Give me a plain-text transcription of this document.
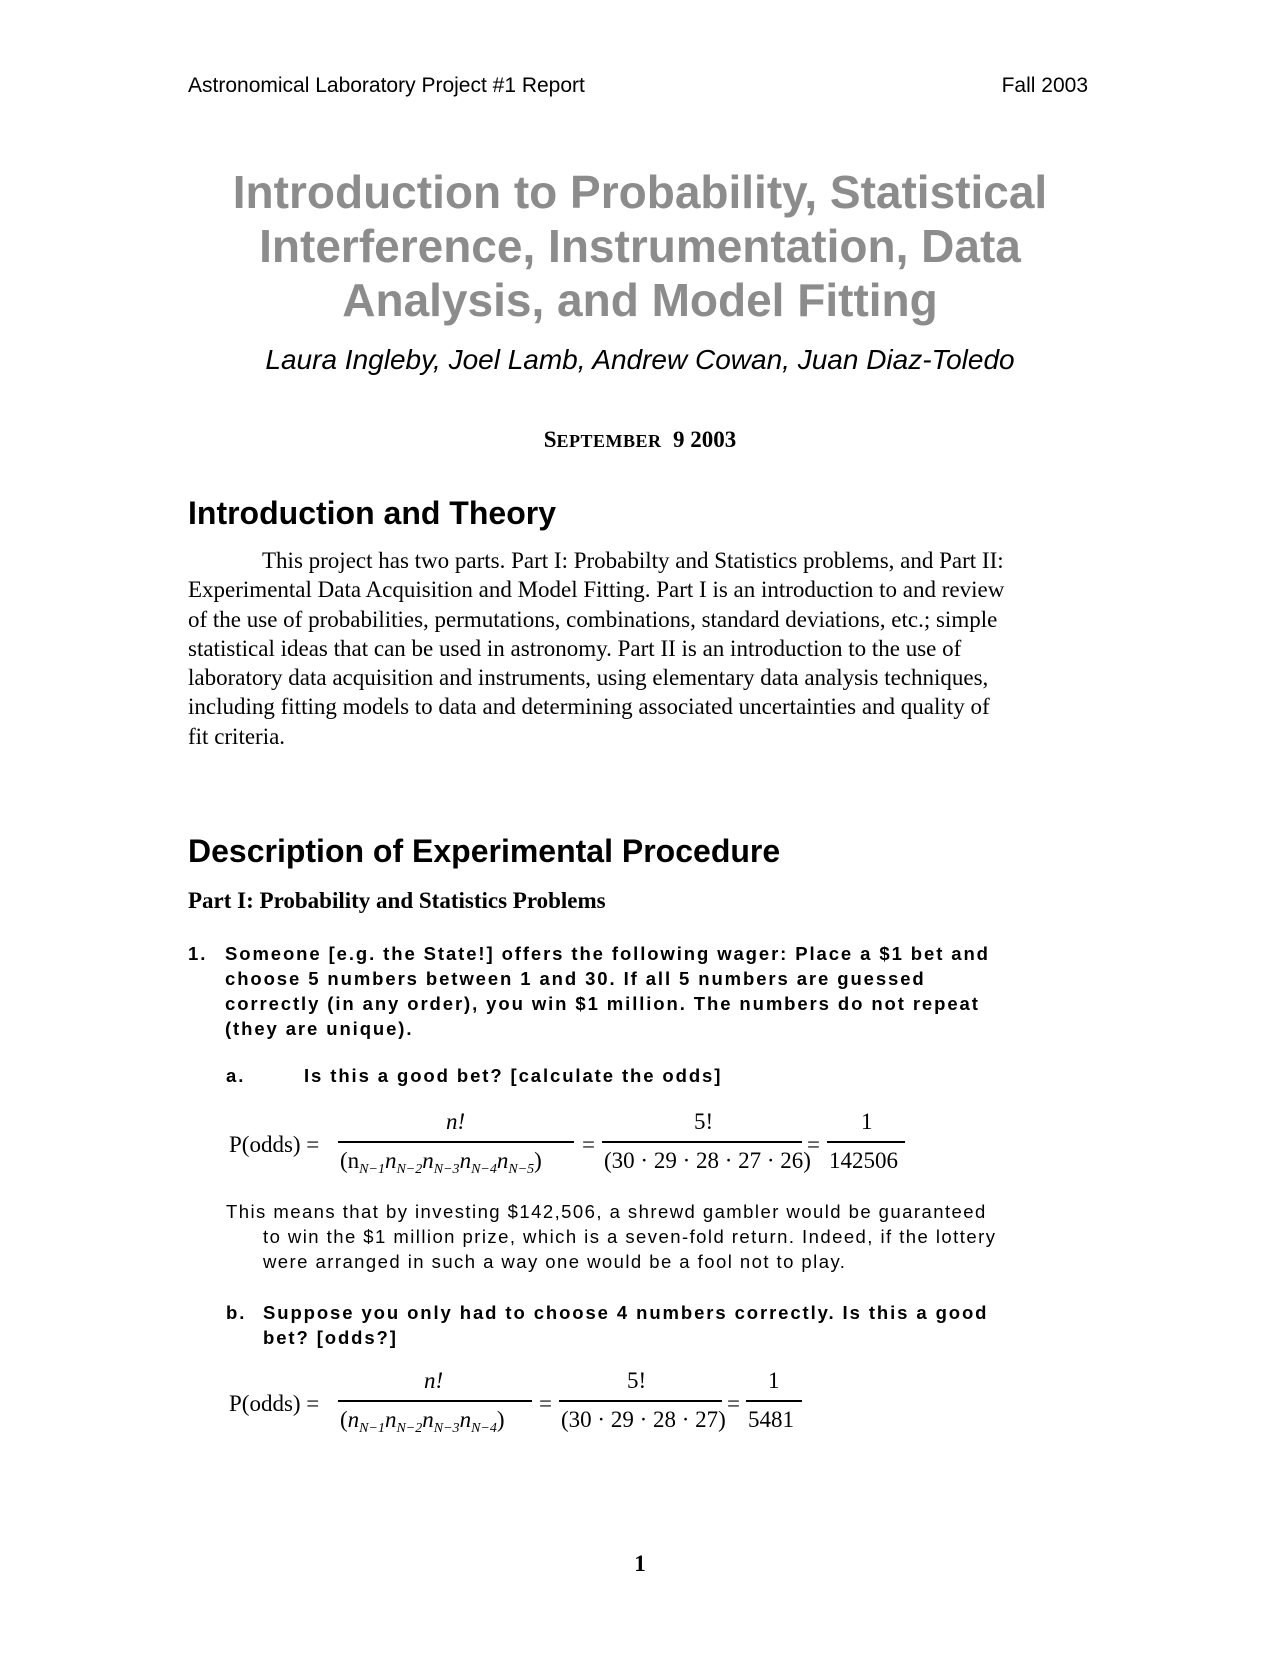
Astronomical Laboratory Project #1 Report	Fall 2003
Introduction to Probability, Statistical
Interference, Instrumentation, Data
Analysis, and Model Fitting
Laura Ingleby, Joel Lamb, Andrew Cowan, Juan Diaz-Toledo
SEPTEMBER 9 2003
Introduction and Theory
This project has two parts. Part I: Probabilty and Statistics problems, and Part II:
Experimental Data Acquisition and Model Fitting. Part I is an introduction to and review
of the use of probabilities, permutations, combinations, standard deviations, etc.; simple
statistical ideas that can be used in astronomy. Part II is an introduction to the use of
laboratory data acquisition and instruments, using elementary data analysis techniques,
including fitting models to data and determining associated uncertainties and quality of
fit criteria.
Description of Experimental Procedure
Part I: Probability and Statistics Problems
1. Someone [e.g. the State!] offers the following wager: Place a $1 bet and
choose 5 numbers between 1 and 30. If all 5 numbers are guessed
correctly (in any order), you win $1 million. The numbers do not repeat
(they are unique).
a.	Is this a good bet? [calculate the odds]
P(odds) =
n!
$(n_{N-1}n_{N-2}n_{N-3}n_{N-4}n_{N-5})$
=
5!
(30 · 29 · 28 · 27 · 26)
=
1
142506
This means that by investing $142,506, a shrewd gambler would be guaranteed
to win the $1 million prize, which is a seven-fold return. Indeed, if the lottery
were arranged in such a way one would be a fool not to play.
b. Suppose you only had to choose 4 numbers correctly. Is this a good
bet? [odds?]
P(odds) =
n!
$(n_{N-1}n_{N-2}n_{N-3}n_{N-4})$
=
5!
(30 · 29 · 28 · 27)
=
1
5481
1
